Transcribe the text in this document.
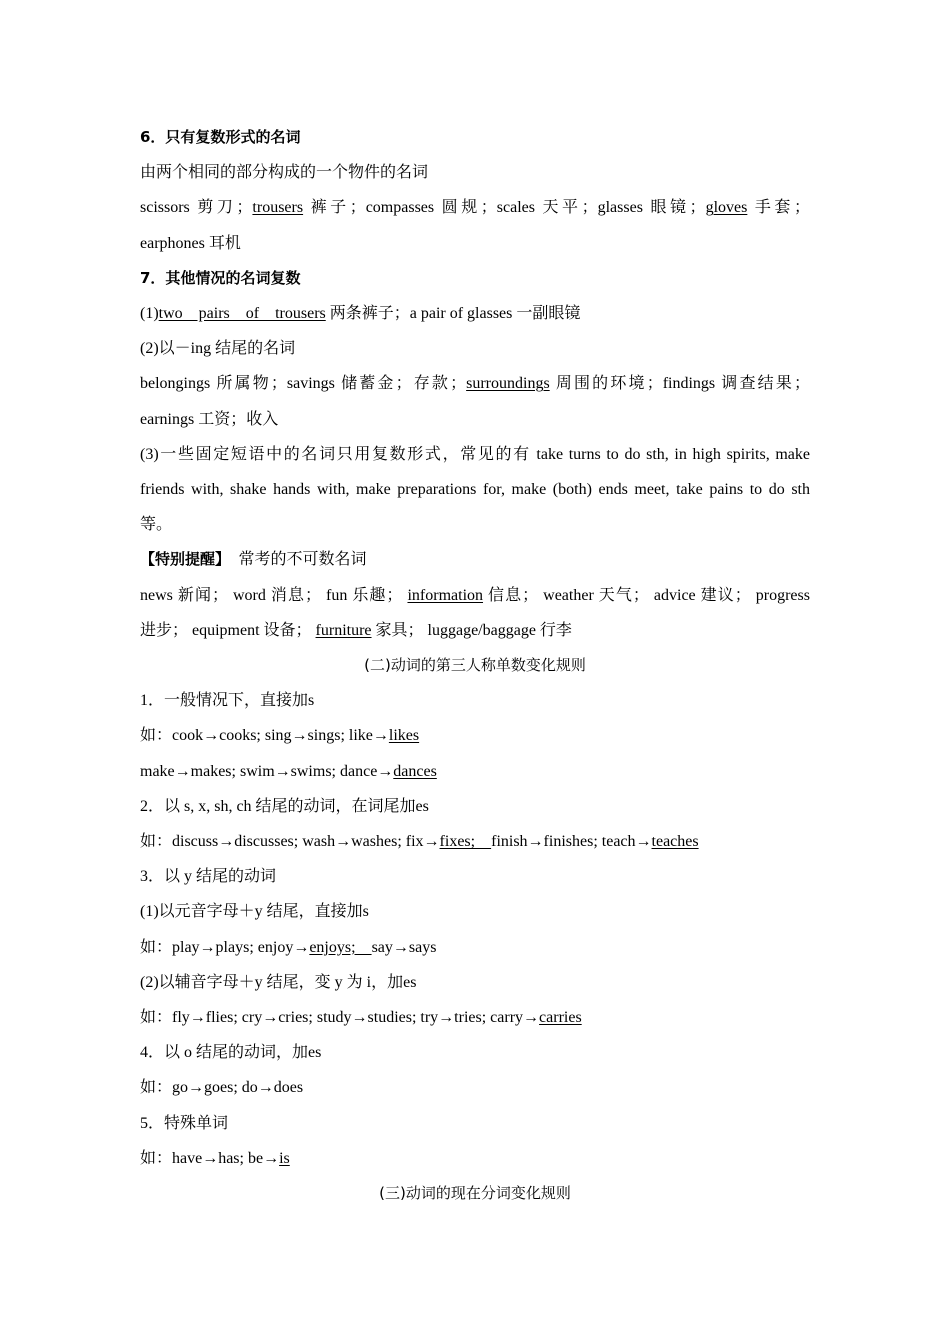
6．只有复数形式的名词
由两个相同的部分构成的一个物件的名词
scissors 剪刀；trousers 裤子；compasses 圆规；scales 天平；glasses 眼镜；gloves 手套；
earphones 耳机
7．其他情况的名词复数
(1)two　pairs　of　trousers 两条裤子；a pair of glasses 一副眼镜
(2)以－ing 结尾的名词
belongings 所属物；savings 储蓄金；存款；surroundings 周围的环境；findings 调查结果；
earnings 工资；收入
(3)一些固定短语中的名词只用复数形式，常见的有 take turns to do sth, in high spirits, make
friends with, shake hands with, make preparations for, make (both) ends meet, take pains to do sth
等。
【特别提醒】　常考的不可数名词
news 新闻； word 消息； fun 乐趣； information 信息； weather 天气； advice 建议； progress
进步； equipment 设备； furniture 家具； luggage/baggage 行李
(二)动词的第三人称单数变化规则
1．一般情况下，直接加s
如：cook→cooks; sing→sings; like→likes
make→makes; swim→swims; dance→dances
2．以 s, x, sh, ch 结尾的动词，在词尾加es
如：discuss→discusses; wash→washes; fix→fixes;　finish→finishes; teach→teaches
3．以 y 结尾的动词
(1)以元音字母＋y 结尾，直接加s
如：play→plays; enjoy→enjoys;　say→says
(2)以辅音字母＋y 结尾，变 y 为 i，加es
如：fly→flies; cry→cries; study→studies; try→tries; carry→carries
4．以 o 结尾的动词，加es
如：go→goes; do→does
5．特殊单词
如：have→has; be→is
(三)动词的现在分词变化规则
